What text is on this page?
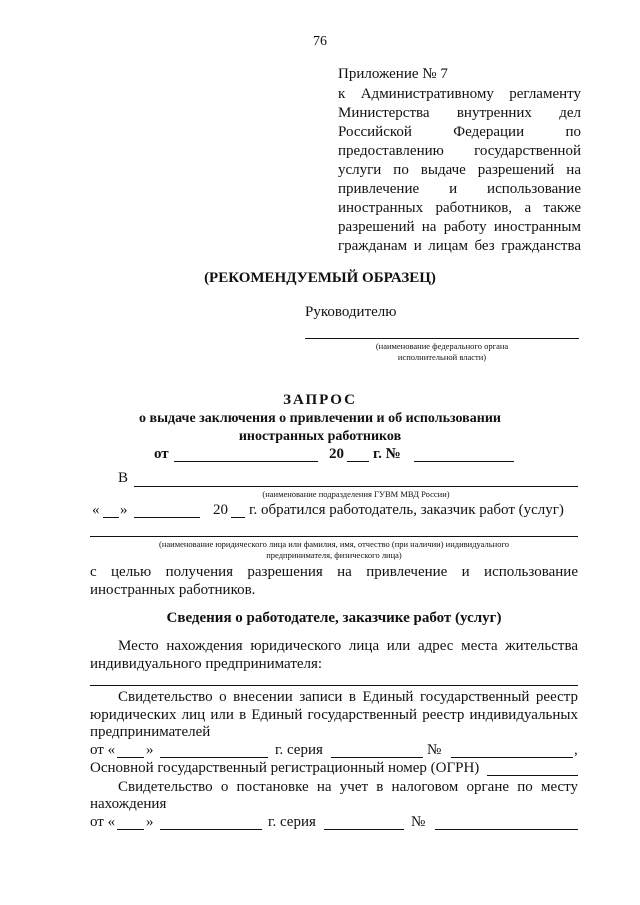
76
Приложение № 7
к Административному регламенту
Министерства внутренних дел
Российской Федерации по
предоставлению государственной
услуги по выдаче разрешений на
привлечение и использование
иностранных работников, а также
разрешений на работу иностранным
гражданам и лицам без гражданства
(РЕКОМЕНДУЕМЫЙ ОБРАЗЕЦ)
Руководителю
(наименование федерального органа
исполнительной власти)
ЗАПРОС
о выдаче заключения о привлечении и об использовании
иностранных работников
от	20 г. №
В
(наименование подразделения ГУВМ МВД России)
« »	20 г. обратился работодатель, заказчик работ (услуг)
(наименование юридического лица или фамилия, имя, отчество (при наличии) индивидуального
предпринимателя, физического лица)
с целью получения разрешения на привлечение и использование
иностранных работников.
Сведения о работодателе, заказчике работ (услуг)
Место нахождения юридического лица или адрес места жительства
индивидуального предпринимателя:
Свидетельство о внесении записи в Единый государственный реестр
юридических лиц или в Единый государственный реестр индивидуальных
предпринимателей
от « »	г. серия	№	,
Основной государственный регистрационный номер (ОГРН)
Свидетельство о постановке на учет в налоговом органе по месту
нахождения
от « »	г. серия	№
